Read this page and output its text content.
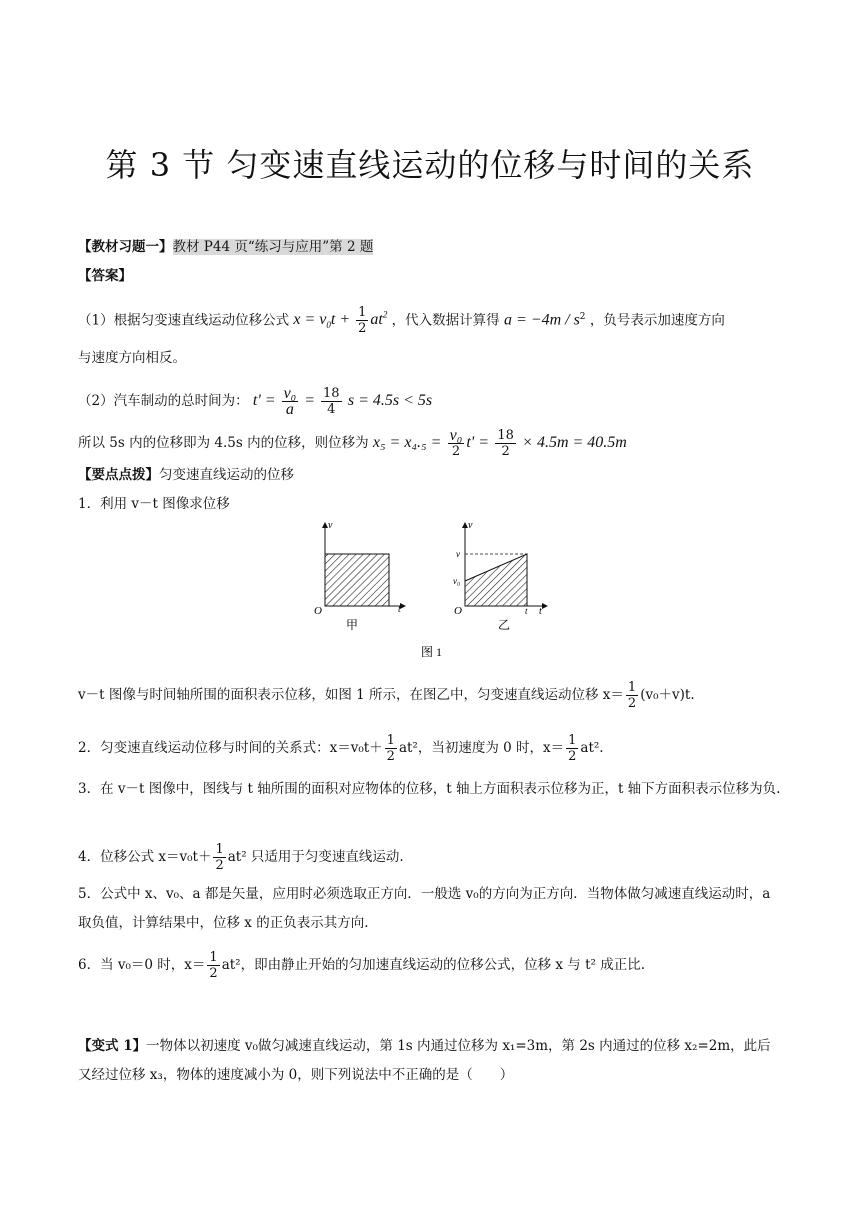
第 3 节 匀变速直线运动的位移与时间的关系
【教材习题一】教材 P44 页“练习与应用”第 2 题
【答案】
（1）根据匀变速直线运动位移公式 $x = v_0t + \frac{1}{2} at^2$ ，代入数据计算得 $a = -4m / s^2$ ，负号表示加速度方向
与速度方向相反。
（2）汽车制动的总时间为： $t' = \frac{\text{v₀}}{a} = \frac{18}{4}$ s = 4.5s < 5s
所以 5s 内的位移即为 4.5s 内的位移，则位移为 $x_5 = x_4._5 = \frac{\text{v₀}}{2} t' = \frac{18}{2} \times 4.5m = 40.5m$
【要点点拨】匀变速直线运动的位移
1．利用 v－t 图像求位移
v
t
O
甲
v
v
v₀
t t
O
乙
图 1
v－t 图像与时间轴所围的面积表示位移，如图 1 所示，在图乙中，匀变速直线运动位移 $x= \frac{1}{2} (v_0+v)t$.
2．匀变速直线运动位移与时间的关系式：$x=v_0t+ \frac{1}{2} at^2$，当初速度为 0 时，$x= \frac{1}{2} at^2$.
3．在 v－t 图像中，图线与 t 轴所围的面积对应物体的位移，t 轴上方面积表示位移为正，t 轴下方面积表示位移为负.
4．位移公式 $x=v_0t+ \frac{1}{2} at^2$ 只适用于匀变速直线运动.
5．公式中 x、v₀、a 都是矢量，应用时必须选取正方向．一般选 v₀的方向为正方向．当物体做匀减速直线运动时，a 取负值，计算结果中，位移 x 的正负表示其方向.
6．当 v₀＝0 时，$x= \frac{1}{2} at^2$，即由静止开始的匀加速直线运动的位移公式，位移 x 与 t² 成正比.
【变式 1】一物体以初速度 v₀做匀减速直线运动，第 1s 内通过位移为 x₁=3m，第 2s 内通过的位移 x₂=2m，此后又经过位移 x₃，物体的速度减小为 0，则下列说法中不正确的是（　　）
